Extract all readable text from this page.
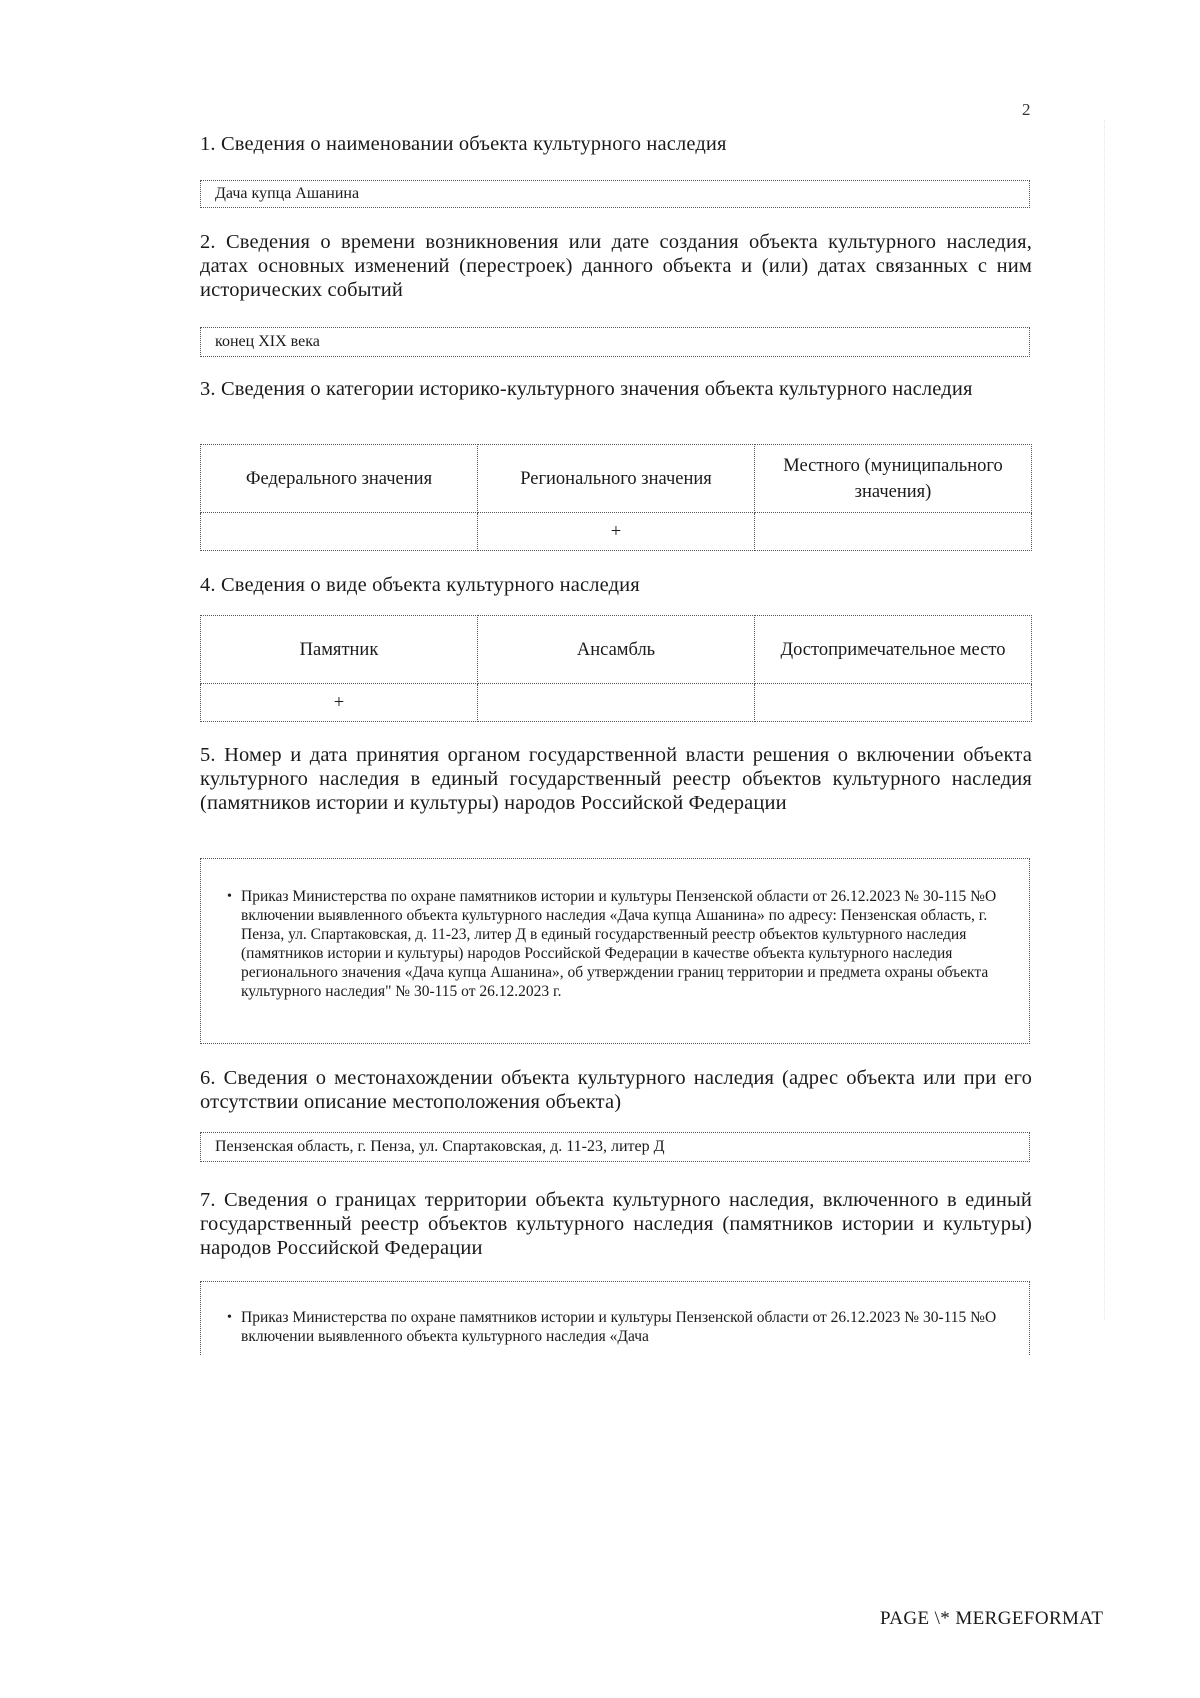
2
1. Сведения о наименовании объекта культурного наследия
Дача купца Ашанина
2. Сведения о времени возникновения или дате создания объекта культурного наследия, датах основных изменений (перестроек) данного объекта и (или) датах связанных с ним исторических событий
конец XIX века
3. Сведения о категории историко-культурного значения объекта культурного наследия
Федерального значения	Регионального значения	Местного (муниципального значения)
	+	
4. Сведения о виде объекта культурного наследия
Памятник	Ансамбль	Достопримечательное место
+		
5. Номер и дата принятия органом государственной власти решения о включении объекта культурного наследия в единый государственный реестр объектов культурного наследия (памятников истории и культуры) народов Российской Федерации
• Приказ Министерства по охране памятников истории и культуры Пензенской области от 26.12.2023 № 30-115 №О включении выявленного объекта культурного наследия «Дача купца Ашанина» по адресу: Пензенская область, г. Пенза, ул. Спартаковская, д. 11-23, литер Д в единый государственный реестр объектов культурного наследия (памятников истории и культуры) народов Российской Федерации в качестве объекта культурного наследия регионального значения «Дача купца Ашанина», об утверждении границ территории и предмета охраны объекта культурного наследия" № 30-115 от 26.12.2023 г.
6. Сведения о местонахождении объекта культурного наследия (адрес объекта или при его отсутствии описание местоположения объекта)
Пензенская область, г. Пенза, ул. Спартаковская, д. 11-23, литер Д
7. Сведения о границах территории объекта культурного наследия, включенного в единый государственный реестр объектов культурного наследия (памятников истории и культуры) народов Российской Федерации
• Приказ Министерства по охране памятников истории и культуры Пензенской области от 26.12.2023 № 30-115 №О включении выявленного объекта культурного наследия «Дача
PAGE \* MERGEFORMAT
